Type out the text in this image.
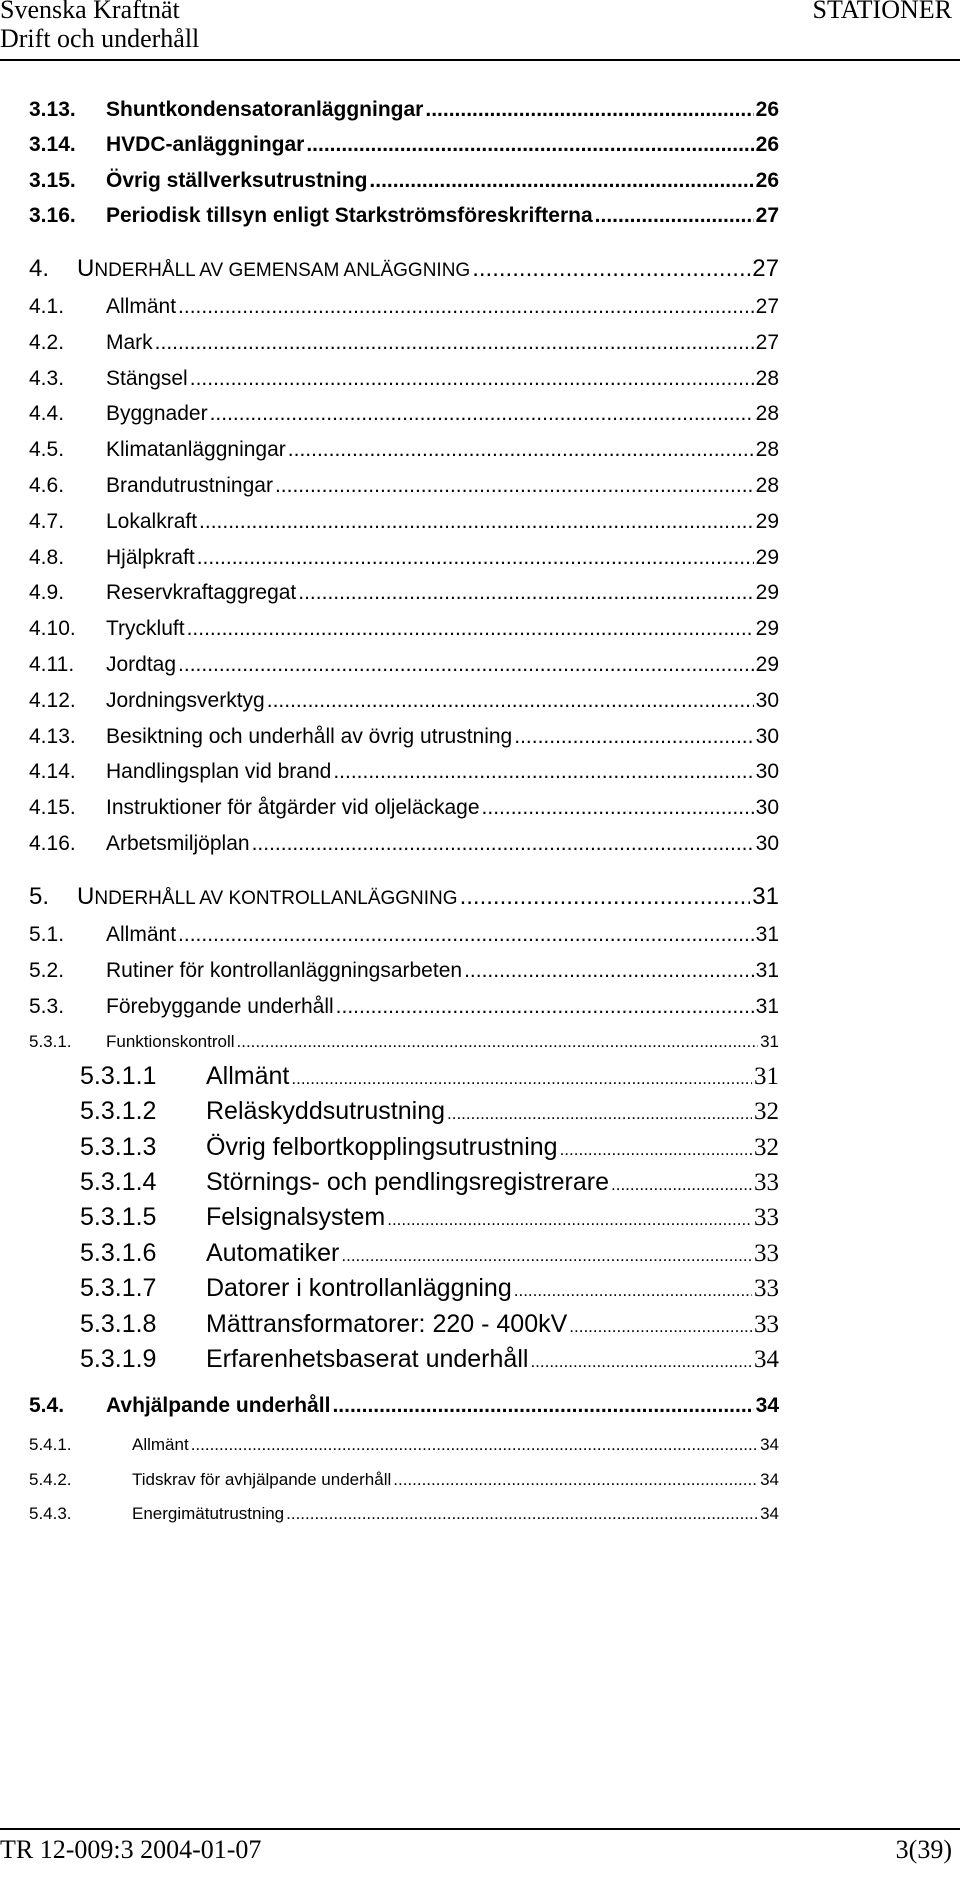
Svenska Kraftnät	STATIONER
Drift och underhåll
3.13.	Shuntkondensatoranläggningar .....	26
3.14.	HVDC-anläggningar .....	26
3.15.	Övrig ställverksutrustning .....	26
3.16.	Periodisk tillsyn enligt Starkströmsföreskrifterna .....	27
4.	UNDERHÅLL AV GEMENSAM ANLÄGGNING .....	27
4.1.	Allmänt .....	27
4.2.	Mark .....	27
4.3.	Stängsel .....	28
4.4.	Byggnader .....	28
4.5.	Klimatanläggningar .....	28
4.6.	Brandutrustningar .....	28
4.7.	Lokalkraft .....	29
4.8.	Hjälpkraft .....	29
4.9.	Reservkraftaggregat .....	29
4.10.	Tryckluft .....	29
4.11.	Jordtag .....	29
4.12.	Jordningsverktyg .....	30
4.13.	Besiktning och underhåll av övrig utrustning .....	30
4.14.	Handlingsplan vid brand .....	30
4.15.	Instruktioner för åtgärder vid oljeläckage .....	30
4.16.	Arbetsmiljöplan .....	30
5.	UNDERHÅLL AV KONTROLLANLÄGGNING .....	31
5.1.	Allmänt .....	31
5.2.	Rutiner för kontrollanläggningsarbeten .....	31
5.3.	Förebyggande underhåll .....	31
5.3.1.	Funktionskontroll .....	31
5.3.1.1	Allmänt .....	31
5.3.1.2	Reläskyddsutrustning .....	32
5.3.1.3	Övrig felbortkopplingsutrustning .....	32
5.3.1.4	Störnings- och pendlingsregistrerare .....	33
5.3.1.5	Felsignalsystem .....	33
5.3.1.6	Automatiker .....	33
5.3.1.7	Datorer i kontrollanläggning .....	33
5.3.1.8	Mättransformatorer: 220 - 400kV .....	33
5.3.1.9	Erfarenhetsbaserat underhåll .....	34
5.4.	Avhjälpande underhåll .....	34
5.4.1.	Allmänt .....	34
5.4.2.	Tidskrav för avhjälpande underhåll .....	34
5.4.3.	Energimätutrustning .....	34
TR 12-009:3 2004-01-07	3(39)
